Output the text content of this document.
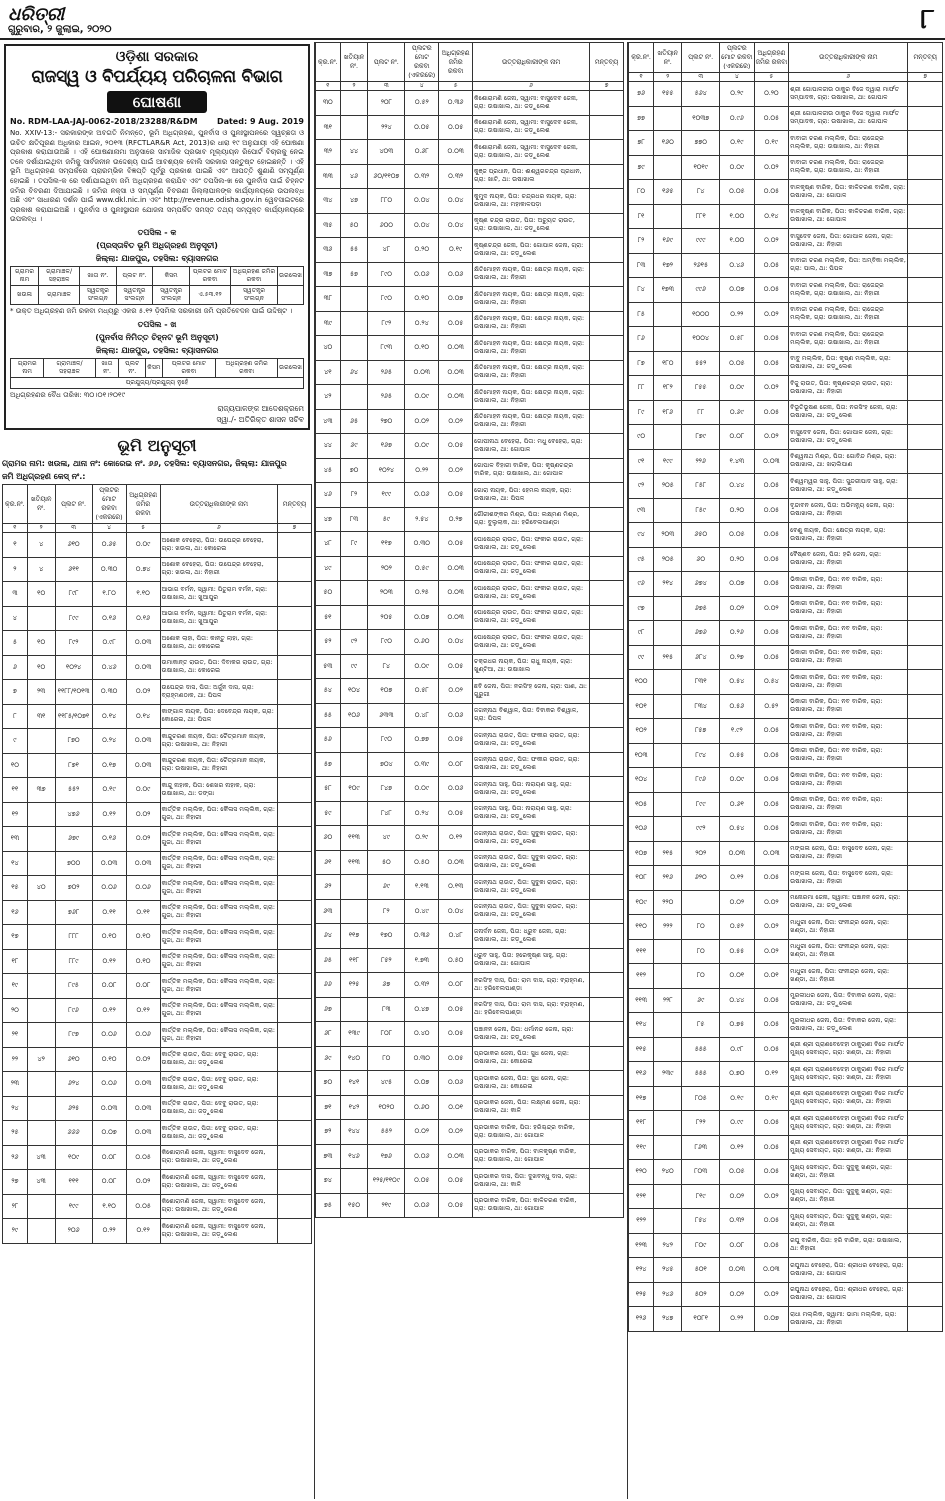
ଧରିତ୍ରୀ
ଗୁରୁବାର, ୨ ଜୁଲାଇ, ୨୦୨୦	୮
ଓଡ଼ିଶା ସରକାର
ରାଜସ୍ୱ ଓ ବିପର୍ଯ୍ୟୟ ପରିଚାଳନା ବିଭାଗ
ଘୋଷଣା
No. RDM-LAA-JAJ-0062-2018/23288/R&DM Dated: 9 Aug. 2019
No. XXIV-13:- ସରକାରଙ୍କ ଅବଗତି ନିମନ୍ତେ, ଭୂମି ଅଧିଗ୍ରହଣ, ପୁନର୍ବାସ ଓ ପୁନଃସ୍ଥାପନରେ ସ୍ୱଚ୍ଛତା ଓ ଉଚିତ କ୍ଷତିପୂରଣ ଅଧିକାର ଆଇନ, ୨୦୧୩ (RFCTLAR&R Act, 2013)ର ଧାରା ୧୯ ଅନୁଯାୟୀ ଏହି ଘୋଷଣା ପ୍ରକାଶ କରାଯାଉଅଛି । ଏହି ଘୋଷଣାନାମା ଅନୁସାରେ ସାମାଜିକ ପ୍ରଭାବ ମୂଲ୍ୟାୟନ ରିପୋର୍ଟ ବିଚାରକୁ ନେଇ ତଳେ ଦର୍ଶାଯାଇଥିବା ଜମିକୁ ସାର୍ବଜନୀନ ଉଦ୍ଦେଶ୍ୟ ପାଇଁ ଆବଶ୍ୟକ ବୋଲି ସରକାର ସନ୍ତୁଷ୍ଟ ହୋଇଛନ୍ତି । ଏହି ଭୂମି ଅଧିଗ୍ରହଣ ସମ୍ପର୍କରେ ପ୍ରାରମ୍ଭିକ ବିଜ୍ଞପ୍ତି ପୂର୍ବରୁ ପ୍ରକାଶ ପାଇଛି ଏବଂ ଆପତ୍ତି ଶୁଣାଣି ସମ୍ପୂର୍ଣ୍ଣ ହୋଇଛି । ତପସିଲ-କ ରେ ଦର୍ଶାଯାଇଥିବା ଜମି ଅଧିଗ୍ରହଣ କରାଯିବ ଏବଂ ତପସିଲ-ଖ ରେ ପୁନର୍ବାସ ପାଇଁ ଚିହ୍ନଟ ଜମିର ବିବରଣୀ ଦିଆଯାଇଛି । ଜମିର ନକ୍ସା ଓ ସମ୍ପୂର୍ଣ୍ଣ ବିବରଣୀ ଜିଲ୍ଲାପାଳଙ୍କ କାର୍ଯ୍ୟାଳୟରେ ଉପଲବ୍ଧ ଅଛି ଏବଂ ସାଧାରଣ ଦର୍ଶନ ପାଇଁ www.dkl.nic.in ଏବଂ http://revenue.odisha.gov.in ୱେବସାଇଟରେ ପ୍ରକାଶ କରାଯାଇଅଛି । ପୁନର୍ବାସ ଓ ପୁନଃସ୍ଥାପନ ଯୋଜନା ସମ୍ପର୍କିତ ସମସ୍ତ ତଥ୍ୟ ସମ୍ପୃକ୍ତ କାର୍ଯ୍ୟାଳୟରେ ଉପଲବ୍ଧ ।
ତପସିଲ - କ
(ପ୍ରସ୍ତାବିତ ଭୂମି ଅଧିଗ୍ରହଣ ଅନୁସୂଚୀ)
ଜିଲ୍ଲା: ଯାଜପୁର, ତହସିଲ: ବ୍ୟାସନଗର
ଗ୍ରାମର ନାମ	ଗ୍ରାମାଞ୍ଚଳ/ ସହରାଞ୍ଚଳ	ଖାତା ନଂ.	ପ୍ଲଟ ନଂ.	କିସମ	ପ୍ଲଟର ମୋଟ ରକବା	ଅଧିଗ୍ରହଣ ଜମିର ରକବା	ଉରଲେଖ
ଖଉଳା	ଗ୍ରାମାଞ୍ଚଳ	ସ୍ୱତନ୍ତ୍ର ସଂଲଗ୍ନ	ସ୍ୱତନ୍ତ୍ର ସଂଲଗ୍ନ	ସ୍ୱତନ୍ତ୍ର ସଂଲଗ୍ନ	ଏ.୫୩.୧୨	ସ୍ୱତନ୍ତ୍ର ସଂଲଗ୍ନ	
* ଉକ୍ତ ଅଧିଗ୍ରହଣ ଜମି ରକବା ମଧ୍ୟରୁ ଏକର ୫.୧୨ ଡ଼ିସମିଲ ସରକାରୀ ଜମି ପ୍ରତିବେଦନ ପାଇଁ ଉଦ୍ଦିଷ୍ଟ ।
ତପସିଲ - ଖ
(ପୁନର୍ବାସ ନିମିତ୍ତ ଚିହ୍ନଟ ଭୂମି ଅନୁସୂଚୀ)
ଜିଲ୍ଲା: ଯାଜପୁର, ତହସିଲ: ବ୍ୟାସନଗର
ଗ୍ରାମର ନାମ	ଗ୍ରାମାଞ୍ଚଳ/ ସହରାଞ୍ଚଳ	ଖାତା ନଂ.	ପ୍ଲଟ ନଂ.	କିସମ	ପ୍ଲଟର ମୋଟ ରକବା	ଅଧିଗ୍ରହଣ ଜମିର ରକବା	ଉରଲେଖ
ପ୍ରଯୁଜ୍ୟ/ପ୍ରଯୁଜ୍ୟ ନୁହେଁ
ଅଧିଗ୍ରହଣର ବୈଧ ତାରିଖ: ୩୦।୦୧।୨୦୧୯
ରାଜ୍ୟପାଳଙ୍କ ଆଦେଶକ୍ରମେ
ସ୍ୱା./- ଅତିରିକ୍ତ ଶାସନ ସଚିବ
ଭୂମି ଅନୁସୂଚୀ
ଗ୍ରାମର ନାମ: ଖଉଳା, ଥାନା ନଂ: କୋରେଇ ନଂ. ୬୬, ତହସିଲ: ବ୍ୟାସନଗର, ଜିଲ୍ଲା: ଯାଜପୁର
ଜମି ଅଧିଗ୍ରହଣ କେସ୍ ନଂ.:
କ୍ର.ନଂ.	ଖତିୟାନ ନଂ.	ପ୍ଲଟ ନଂ.	ପ୍ଲଟର ମୋଟ ରକବା (ଏକରରେ)	ଅଧିଗ୍ରହଣ ଜମିର ରକବା	ଉତ୍ତରାଧିକାରୀଙ୍କ ନାମ	ମନ୍ତବ୍ୟ
୧	୨	୩	୪	୫	୬	୭
୧	୪	୬୧୦	୦.୬୫	୦.୦୯	ଅଶୋକ ବେହେରା, ପିତା: ଉପେନ୍ଦ୍ର ବେହେରା, ଗ୍ରା: ଖଉଳା, ଥା: କୋରେଇ	
୨	୪	୬୧୧	୦.୩୦	୦.୭୪	ଅଶୋକ ବେହେରା, ପିତା: ଉପେନ୍ଦ୍ର ବେହେରା, ଗ୍ରା: ଖଉଳା, ଥା: ନିହାରୀ	
୩	୧୦	୮୯୮	୧.୮୦	୧.୧୦	ଆଭାଗ ବର୍ମନ, ସ୍ୱାମୀ: ପିତୁରାମ ବର୍ମନ, ଗ୍ରା: ଉଷାଖାଲ, ଥା: ଖୁଆପୁର	
୪		୮୯୯	୦.୧୬	୦.୧୬	ଆଭାଗ ବର୍ମନ, ସ୍ୱାମୀ: ପିତୁରାମ ବର୍ମନ, ଗ୍ରା: ଉଷାଖାଲ, ଥା: ଖୁଆପୁର	
୫	୧୦	୮୯୨	୦.୯୮	୦.୦୩	ଅଶୋକ ଲାହା, ପିତା: କାନ୍ତୁ ଲାହା, ଗ୍ରା: ଉଷାଖାଲ, ଥା: କୋରେଇ	
୬	୧୦	୧୦୨୪	୦.୪୬	୦.୦୩	ଉମାକାନ୍ତ ରାଉତ, ପିତା: ଦିବାକର ରାଉତ, ଗ୍ରା: ଉଷାଖାଲ, ଥା: କୋରେଇ	
୭	୨୩	୧୧୮୮/୧୦୧୩	୦.୩୦	୦.୦୨	ଉପେନ୍ଦ୍ର ଦାସ, ପିତା: ଅର୍ଜୁନ ଦାସ, ଗ୍ରା: ବ୍ରାହ୍ମଣଠାକ, ଥା: ପିପଳ	
୮	୩୧	୧୧୮୫/୧୦୭୧	୦.୧୪	୦.୧୪	କାଙ୍ଗାଳ ନାୟକ, ପିତା: ଦେବେନ୍ଦ୍ର ନାୟକ, ଗ୍ରା: କୋରେଇ, ଥା: ପିପଳ	
୯		୮୭୦	୦.୨୪	୦.୦୩	କାନ୍ଦୁଚରଣ ନାୟକ, ପିତା: ଚୈତ୍ରମାନ ନାୟକ, ଗ୍ରା: ଉଷାଖାଲ, ଥା: ନିହାରୀ	
୧୦		୮୭୧	୦.୧୭	୦.୦୩	କାନ୍ଦୁଚରଣ ନାୟକ, ପିତା: ଚୈତ୍ରମାନ ନାୟକ, ଗ୍ରା: ଉଷାଖାଲ, ଥା: ନିହାରୀ	
୧୧	୩୭	୫୫୨	୦.୧୯	୦.୦୯	କାନ୍ଦୁ ନାହାକ, ପିତା: ଶେଖର ନାହାକ, ଗ୍ରା: ଉଷାଖାଲ, ଥା: ଡଙ୍ଗା	
୧୨		୪୭୬	୦.୧୨	୦.୦୨	କାର୍ତ୍ତିକ ମଲ୍ଲିକ, ପିତା: କୈଳାସ ମଲ୍ଲିକ, ଗ୍ରା: ଗୁଜା, ଥା: ନିହାରୀ	
୧୩		୬୭୯	୦.୧୬	୦.୦୨	କାର୍ତ୍ତିକ ମଲ୍ଲିକ, ପିତା: କୈଳାସ ମଲ୍ଲିକ, ଗ୍ରା: ଗୁଜା, ଥା: ନିହାରୀ	
୧୪		୭୦୦	୦.୦୩	୦.୦୩	କାର୍ତ୍ତିକ ମଲ୍ଲିକ, ପିତା: କୈଳାସ ମଲ୍ଲିକ, ଗ୍ରା: ଗୁଜା, ଥା: ନିହାରୀ	
୧୫	୪୦	୭୦୨	୦.୦୬	୦.୦୬	କାର୍ତ୍ତିକ ମଲ୍ଲିକ, ପିତା: କୈଳାସ ମଲ୍ଲିକ, ଗ୍ରା: ଗୁଜା, ଥା: ନିହାରୀ	
୧୬		୭୬୮	୦.୧୧	୦.୧୧	କାର୍ତ୍ତିକ ମଲ୍ଲିକ, ପିତା: କୈଳାସ ମଲ୍ଲିକ, ଗ୍ରା: ଗୁଜା, ଥା: ନିହାରୀ	
୧୭		୮୮୮	୦.୧୦	୦.୧୦	କାର୍ତ୍ତିକ ମଲ୍ଲିକ, ପିତା: କୈଳାସ ମଲ୍ଲିକ, ଗ୍ରା: ଗୁଜା, ଥା: ନିହାରୀ	
୧୮		୮୮୯	୦.୧୨	୦.୧୦	କାର୍ତ୍ତିକ ମଲ୍ଲିକ, ପିତା: କୈଳାସ ମଲ୍ଲିକ, ଗ୍ରା: ଗୁଜା, ଥା: ନିହାରୀ	
୧୯		୮୯୫	୦.୦୮	୦.୦୮	କାର୍ତ୍ତିକ ମଲ୍ଲିକ, ପିତା: କୈଳାସ ମଲ୍ଲିକ, ଗ୍ରା: ଗୁଜା, ଥା: ନିହାରୀ	
୨୦		୮୯୬	୦.୧୨	୦.୧୨	କାର୍ତ୍ତିକ ମଲ୍ଲିକ, ପିତା: କୈଳାସ ମଲ୍ଲିକ, ଗ୍ରା: ଗୁଜା, ଥା: ନିହାରୀ	
୨୧		୮୯୭	୦.୦୬	୦.୦୬	କାର୍ତ୍ତିକ ମଲ୍ଲିକ, ପିତା: କୈଳାସ ମଲ୍ଲିକ, ଗ୍ରା: ଗୁଜା, ଥା: ନିହାରୀ	
୨୨	୪୨	୬୧୦	୦.୧୦	୦.୦୨	କାର୍ତ୍ତିକ ରାଉତ, ପିତା: ଦେବୁ ରାଉତ, ଗ୍ରା: ଉଷାଖାଲ, ଥା: ଜଡ଼ୁଲେଶ	
୨୩		୬୨୪	୦.୦୬	୦.୦୩	କାର୍ତ୍ତିକ ରାଉତ, ପିତା: ଦେବୁ ରାଉତ, ଗ୍ରା: ଉଷାଖାଲ, ଥା: ଜଡ଼ୁଲେଶ	
୨୪		୬୨୫	୦.୦୩	୦.୦୩	କାର୍ତ୍ତିକ ରାଉତ, ପିତା: ଦେବୁ ରାଉତ, ଗ୍ରା: ଉଷାଖାଲ, ଥା: ଜଡ଼ୁଲେଶ	
୨୫		୬୬୬	୦.୦୭	୦.୦୩	କାର୍ତ୍ତିକ ରାଉତ, ପିତା: ଦେବୁ ରାଉତ, ଗ୍ରା: ଉଷାଖାଲ, ଥା: ଜଡ଼ୁଲେଶ	
୨୬	୪୩	୧୦୯	୦.୦୮	୦.୦୫	କିଶୋରାମଣି ଜେନା, ସ୍ୱାମୀ: ବାସୁଦେବ ଜେନା, ଗ୍ରା: ଉଷାଖାଲ, ଥା: ଜଡ଼ୁଲେଶ	
୨୭	୪୩	୧୧୧	୦.୦୮	୦.୦୨	କିଶୋରାମଣି ଜେନା, ସ୍ୱାମୀ: ବାସୁଦେବ ଜେନା, ଗ୍ରା: ଉଷାଖାଲ, ଥା: ଜଡ଼ୁଲେଶ	
୨୮		୧୯୯	୧.୧୦	୦.୦୫	କିଶୋରାମଣି ଜେନା, ସ୍ୱାମୀ: ବାସୁଦେବ ଜେନା, ଗ୍ରା: ଉଷାଖାଲ, ଥା: ଜଡ଼ୁଲେଶ	
୨୯		୨୦୬	୦.୨୨	୦.୧୨	କିଶୋରାମଣି ଜେନା, ସ୍ୱାମୀ: ବାସୁଦେବ ଜେନା, ଗ୍ରା: ଉଷାଖାଲ, ଥା: ଜଡ଼ୁଲେଶ	
କ୍ର.ନଂ.	ଖତିୟାନ ନଂ.	ପ୍ଲଟ ନଂ.	ପ୍ଲଟର ମୋଟ ରକବା (ଏକରରେ)	ଅଧିଗ୍ରହଣ ଜମିର ରକବା	ଉତ୍ତରାଧିକାରୀଙ୍କ ନାମ	ମନ୍ତବ୍ୟ
୧	୨	୩	୪	୫	୬	୭
୩୦		୨୦୮	୦.୫୨	୦.୩୬	କିଶୋରାମଣି ଜେନା, ସ୍ୱାମୀ: ବାସୁଦେବ ଜେନା, ଗ୍ରା: ଉଷାଖାଲ, ଥା: ଜଡ଼ୁଲେଶ	
୩୧		୨୨୪	୦.୦୫	୦.୦୫	କିଶୋରାମଣି ଜେନା, ସ୍ୱାମୀ: ବାସୁଦେବ ଜେନା, ଗ୍ରା: ଉଷାଖାଲ, ଥା: ଜଡ଼ୁଲେଶ	
୩୨	୪୪	୪୦୩	୦.୬୮	୦.୦୩	କିଶୋରାମଣି ଜେନା, ସ୍ୱାମୀ: ବାସୁଦେବ ଜେନା, ଗ୍ରା: ଉଷାଖାଲ, ଥା: ଜଡ଼ୁଲେଶ	
୩୩	୪୬	୬୦/୧୧୦୭	୦.୩୨	୦.୩୨	କୁଞ୍ଜ ପ୍ରଧାନ, ପିତା: ଈଶ୍ୱରଚନ୍ଦ୍ର ପ୍ରଧାନ, ଗ୍ରା: ଖାଟି, ଥା: ଉଷାଖାଲ	
୩୪	୪୭	୮୮୦	୦.୦୪	୦.୦୪	କୁମୁଦ ନାୟକ, ପିତା: ଚନ୍ଦ୍ରଧର ନାୟକ, ଗ୍ରା: ଉଷାଖାଲ, ଥା: ମହାକାଳପଡ଼ା	
୩୫	୫୦	୬୦୦	୦.୦୪	୦.୦୪	କୃଷ୍ଣ ଚନ୍ଦ୍ର ରାଉତ, ପିତା: ଅଚ୍ୟୁତ ରାଉତ, ଗ୍ରା: ଉଷାଖାଲ, ଥା: ଜଡ଼ୁଲେଶ	
୩୬	୫୫	୪୮	୦.୨୦	୦.୧୯	କୃଷ୍ଣଚନ୍ଦ୍ର ଜେନା, ପିତା: ଗୋପାଳ ଜେନା, ଗ୍ରା: ଉଷାଖାଲ, ଥା: ଜଡ଼ୁଲେଶ	
୩୭	୫୭	୮୯୦	୦.୦୬	୦.୦୬	କ୍ଷିତିମୋହନ ନାୟକ, ପିତା: କ୍ଷେତ୍ର ନାୟକ, ଗ୍ରା: ଉଷାଖାଲ, ଥା: ନିହାରୀ	
୩୮		୮୯୦	୦.୧୦	୦.୦୭	କ୍ଷିତିମୋହନ ନାୟକ, ପିତା: କ୍ଷେତ୍ର ନାୟକ, ଗ୍ରା: ଉଷାଖାଲ, ଥା: ନିହାରୀ	
୩୯		୮୯୨	୦.୨୪	୦.୦୫	କ୍ଷିତିମୋହନ ନାୟକ, ପିତା: କ୍ଷେତ୍ର ନାୟକ, ଗ୍ରା: ଉଷାଖାଲ, ଥା: ନିହାରୀ	
୪୦		୮୯୩	୦.୧୦	୦.୦୩	କ୍ଷିତିମୋହନ ନାୟକ, ପିତା: କ୍ଷେତ୍ର ନାୟକ, ଗ୍ରା: ଉଷାଖାଲ, ଥା: ନିହାରୀ	
୪୧	୬୪	୨୬୫	୦.୦୩	୦.୦୩	କ୍ଷିତିମୋହନ ନାୟକ, ପିତା: କ୍ଷେତ୍ର ନାୟକ, ଗ୍ରା: ଉଷାଖାଲ, ଥା: ନିହାରୀ	
୪୨		୨୬୫	୦.୦୯	୦.୦୩	କ୍ଷିତିମୋହନ ନାୟକ, ପିତା: କ୍ଷେତ୍ର ନାୟକ, ଗ୍ରା: ଉଷାଖାଲ, ଥା: ନିହାରୀ	
୪୩	୬୫	୨୭୦	୦.୦୨	୦.୦୨	କ୍ଷିତିମୋହନ ନାୟକ, ପିତା: କ୍ଷେତ୍ର ନାୟକ, ଗ୍ରା: ଉଷାଖାଲ, ଥା: ନିହାରୀ	
୪୪	୬୯	୧୬୭	୦.୦୯	୦.୦୫	ଗୋପୀନାଥ ବେହେରା, ପିତା: ମଧୁ ବେହେରା, ଗ୍ରା: ଉଷାଖାଲ, ଥା: ଗୋପାଳ	
୪୫	୭୦	୧୦୨୪	୦.୨୨	୦.୦୨	ଗୋପାଳ ବିହାରୀ ବାରିକ, ପିତା: କୃଷ୍ଣଚନ୍ଦ୍ର ବାରିକ, ଗ୍ରା: ଉଷାଖାଲ, ଥା: ଗୋପାଳ	
୪୬	୮୨	୧୯୯	୦.୦୬	୦.୦୫	ଗୋରା ନାୟକ, ପିତା: ହେମଲ ନାୟକ, ଗ୍ରା: ଉଷାଖାଲ, ଥା: ପିପଳ	
୪୭	୮୩	୫୯	୨.୫୪	୦.୨୭	ଗୌରୀଶଙ୍କର ମିଶ୍ର, ପିତା: ଲକ୍ଷ୍ମଣ ମିଶ୍ର, ଗ୍ରା: ବୁଲୁଲାକ, ଥା: ହରିବେଲପାଣ୍ଡା	
୪୮	୮୯	୧୧୭	୦.୩୦	୦.୦୫	ଘୋଷେନ୍ଦ୍ର ରାଉତ, ପିତା: ଫକୀର ରାଉତ, ଗ୍ରା: ଉଷାଖାଲ, ଥା: ଜଡ଼ୁଲେଶ	
୪୯		୨୦୨	୦.୫୯	୦.୦୩	ଘୋଷେନ୍ଦ୍ର ରାଉତ, ପିତା: ଫକୀର ରାଉତ, ଗ୍ରା: ଉଷାଖାଲ, ଥା: ଜଡ଼ୁଲେଶ	
୫୦		୨୦୩	୦.୨୫	୦.୦୩	ଘୋଷେନ୍ଦ୍ର ରାଉତ, ପିତା: ଫକୀର ରାଉତ, ଗ୍ରା: ଉଷାଖାଲ, ଥା: ଜଡ଼ୁଲେଶ	
୫୧		୨୦୫	୦.୦୭	୦.୦୩	ଘୋଷେନ୍ଦ୍ର ରାଉତ, ପିତା: ଫକୀର ରାଉତ, ଗ୍ରା: ଉଷାଖାଲ, ଥା: ଜଡ଼ୁଲେଶ	
୫୨	୯୨	୮୯୦	୦.୬୦	୦.୦୪	ଘୋଷେନ୍ଦ୍ର ରାଉତ, ପିତା: ଫକୀର ରାଉତ, ଗ୍ରା: ଉଷାଖାଲ, ଥା: ଜଡ଼ୁଲେଶ	
୫୩	୯୯	୮୪	୦.୦୯	୦.୦୫	ଚକ୍ରଧର ନାୟକ, ପିତା: ରାଧୁ ନାୟକ, ଗ୍ରା: ଖୁଣ୍ଟିଆ, ଥା: ଉଷାଖାଲ	
୫୪	୧୦୪	୧୦୭	୦.୫୮	୦.୦୨	ଛବି ଜେନା, ପିତା: ନରସିଂହ ଜେନା, ଗ୍ରା: ପାଣ, ଥା: ଗୁରୁଗୀ	
୫୫	୧୦୬	୬୩୩	୦.୪୮	୦.୦୬	ଜଗନ୍ନାଥ ବିଶ୍ୱାଳ, ପିତା: ଦିବାକର ବିଶ୍ୱାଳ, ଗ୍ରା: ପିପଳ	
୫୬		୮୯୦	୦.୭୭	୦.୦୫	ଜଗନ୍ନାଥ ରାଉତ, ପିତା: ଫକୀର ରାଉତ, ଗ୍ରା: ଉଷାଖାଲ, ଥା: ଜଡ଼ୁଲେଶ	
୫୭		୭୦୪	୦.୩୯	୦.୦୮	ଜଗନ୍ନାଥ ରାଉତ, ପିତା: ଫକୀର ରାଉତ, ଗ୍ରା: ଉଷାଖାଲ, ଥା: ଜଡ଼ୁଲେଶ	
୫୮	୧୦୯	୮୪୭	୦.୦୯	୦.୦୬	ଜଗନ୍ନାଥ ସାହୁ, ପିତା: ନାରାୟଣ ସାହୁ, ଗ୍ରା: ଉଷାଖାଲ, ଥା: ଜଡ଼ୁଲେଶ	
୫୯		୮୪୮	୦.୨୪	୦.୦୫	ଜଗନ୍ନାଥ ସାହୁ, ପିତା: ନାରାୟଣ ସାହୁ, ଗ୍ରା: ଉଷାଖାଲ, ଥା: ଜଡ଼ୁଲେଶ	
୬୦	୧୧୩	୪୯	୦.୨୯	୦.୧୨	ଜଗନ୍ନାଥ ରାଉତ, ପିତା: ସୁଦୁକା ରାଉତ, ଗ୍ରା: ଉଷାଖାଲ, ଥା: ଜଡ଼ୁଲେଶ	
୬୧	୧୧୩	୫୦	୦.୫୦	୦.୦୩	ଜଗନ୍ନାଥ ରାଉତ, ପିତା: ସୁଦୁକା ରାଉତ, ଗ୍ରା: ଉଷାଖାଲ, ଥା: ଜଡ଼ୁଲେଶ	
୬୨		୬୯	୧.୧୩	୦.୧୩	ଜଗନ୍ନାଥ ରାଉତ, ପିତା: ସୁଦୁକା ରାଉତ, ଗ୍ରା: ଉଷାଖାଲ, ଥା: ଜଡ଼ୁଲେଶ	
୬୩		୮୨	୦.୪୯	୦.୦୪	ଜଗନ୍ନାଥ ରାଉତ, ପିତା: ସୁଦୁକା ରାଉତ, ଗ୍ରା: ଉଷାଖାଲ, ଥା: ଜଡ଼ୁଲେଶ	
୬୪	୧୧୭	୧୭୦	୦.୩୬	୦.୪୮	ଜନାର୍ଦନ ଜେନା, ପିତା: ଧ୍ରୁବ ଜେନା, ଗ୍ରା: ଉଷାଖାଲ, ଥା: ଜଡ଼ୁଲେଶ	
୬୫	୧୧୮	୮୫୨	୧.୭୩	୦.୫୦	ଧ୍ରୁବ ସାହୁ, ପିତା: ହରେକୃଷ୍ଣ ସାହୁ, ଗ୍ରା: ଉଷାଖାଲ, ଥା: ଗୋପାଳ	
୬୬	୧୨୫	୬୭	୦.୩୨	୦.୦୮	ନରସିଂହ ଦାସ, ପିତା: ରାମ ଦାସ, ଗ୍ରା: ବ୍ରାହ୍ମଣ, ଥା: ହରିବେଲପାଣ୍ଡା	
୬୭		୮୩	୦.୪୭	୦.୦୫	ନରସିଂହ ଦାସ, ପିତା: ରାମ ଦାସ, ଗ୍ରା: ବ୍ରାହ୍ମଣ, ଥା: ହରିବେଲପାଣ୍ଡା	
୬୮	୧୩୯	୮୦୮	୦.୪୦	୦.୦୫	ପଞ୍ଚାନନ ଜେନା, ପିତା: ଧର୍ମାନନ୍ଦ ଜେନା, ଗ୍ରା: ଉଷାଖାଲ, ଥା: ଜଡ଼ୁଲେଶ	
୬୯	୧୪୦	୮୦	୦.୩୦	୦.୦୫	ପ୍ରଭାକର ଜେନା, ପିତା: ସୁଧ ଜେନା, ଗ୍ରା: ଉଷାଖାଲ, ଥା: କୋରେଇ	
୭୦	୧୪୧	୪୯୫	୦.୦୭	୦.୦୬	ପ୍ରଭାକର ଜେନା, ପିତା: ସୁଧ ଜେନା, ଗ୍ରା: ଉଷାଖାଲ, ଥା: କୋରେଇ	
୭୧	୧୪୨	୧୦୨୦	୦.୬୦	୦.୦୧	ପ୍ରଭାକର ଜେନା, ପିତା: ଲକ୍ଷ୍ମଣ ଜେନା, ଗ୍ରା: ଉଷାଖାଲ, ଥା: କାଳି	
୭୨	୧୪୪	୫୫୨	୦.୦୨	୦.୦୨	ପ୍ରଭାକର ବାରିକ, ପିତା: ହରିଶ୍ଚନ୍ଦ୍ର ବାରିକ, ଗ୍ରା: ଉଷାଖାଲ, ଥା: ଗୋପାଳ	
୭୩	୧୪୬	୧୭୬	୦.୦୬	୦.୦୩	ପ୍ରଭାକର ବାରିକ, ପିତା: ବାଳକୃଷ୍ଣ ବାରିକ, ଗ୍ରା: ଉଷାଖାଲ, ଥା: ଗୋପାଳ	
୭୪		୧୨୫/୧୧୦୯	୦.୦୫	୦.୦୫	ପ୍ରଭାକର ଦାସ, ପିତା: ଦୁଖବନ୍ଧୁ ଦାସ, ଗ୍ରା: ଉଷାଖାଲ, ଥା: କାଳି	
୭୫	୧୫୦	୨୧୯	୦.୦୬	୦.୦୫	ପ୍ରଭାକର ବାରିକ, ପିତା: କାଳିଚରଣ ବାରିକ, ଗ୍ରା: ଉଷାଖାଲ, ଥା: ଗୋପାଳ	
କ୍ର.ନଂ.	ଖତିୟାନ ନଂ.	ପ୍ଲଟ ନଂ.	ପ୍ଲଟର ମୋଟ ରକବା (ଏକରରେ)	ଅଧିଗ୍ରହଣ ଜମିର ରକବା	ଉତ୍ତରାଧିକାରୀଙ୍କ ନାମ	ମନ୍ତବ୍ୟ
୧	୨	୩	୪	୫	୬	୭
୭୬	୧୫୫	୫୬୪	୦.୨୯	୦.୨୦	ଶ୍ରୀ ଗୋପାଳଜୀଉ ଠାକୁର ବିଜେ ଦ୍ୱାରା ମାର୍ଫତ ସମ୍ପାଦକ, ଗ୍ରା: ଉଷାଖାଲ, ଥା: ଗୋପାଳ	
୭୭		୧୦୩୭	୦.୯୬	୦.୦୫	ଶ୍ରୀ ଗୋପାଳଜୀଉ ଠାକୁର ବିଜେ ଦ୍ୱାରା ମାର୍ଫତ ସମ୍ପାଦକ, ଗ୍ରା: ଉଷାଖାଲ, ଥା: ଗୋପାଳ	
୭୮	୧୬୦	୭୭୦	୦.୧୯	୦.୧୯	ବାବାଜୀ ଚରଣ ମଲ୍ଲିକ, ପିତା: ରାଜେନ୍ଦ୍ର ମଲ୍ଲିକ, ଗ୍ରା: ଉଷାଖାଲ, ଥା: ନିହାରୀ	
୭୯		୧୦୧୯	୦.୦୯	୦.୦୨	ବାବାଜୀ ଚରଣ ମଲ୍ଲିକ, ପିତା: ରାଜେନ୍ଦ୍ର ମଲ୍ଲିକ, ଗ୍ରା: ଉଷାଖାଲ, ଥା: ନିହାରୀ	
୮୦	୧୬୫	୮୪	୦.୦୫	୦.୦୫	ବାଳକୃଷ୍ଣ ବାରିକ, ପିତା: କାଳିଚରଣ ବାରିକ, ଗ୍ରା: ଉଷାଖାଲ, ଥା: ଗୋପାଳ	
୮୧		୮୮୧	୧.୦୦	୦.୧୪	ବାଳକୃଷ୍ଣ ବାରିକ, ପିତା: କାଳିଚରଣ ବାରିକ, ଗ୍ରା: ଉଷାଖାଲ, ଥା: ଗୋପାଳ	
୮୨	୧୬୯	୯୯୯	୧.୦୦	୦.୦୨	ବାସୁଦେବ ଜେନା, ପିତା: ଗୋପାଳ ଜେନା, ଗ୍ରା: ଉଷାଖାଲ, ଥା: ନିହାରୀ	
୮୩	୧୭୨	୨୬୧୫	୦.୪୬	୦.୦୫	ବାବାଜୀ ଚରଣ ମଲ୍ଲିକ, ପିତା: ଅମ୍ବିକା ମଲ୍ଲିକ, ଗ୍ରା: ପାଲ, ଥା: ପିପଳ	
୮୪	୧୭୩	୯୯୬	୦.୦୭	୦.୦୫	ବାବାଜୀ ଚରଣ ମଲ୍ଲିକ, ପିତା: ରାଜେନ୍ଦ୍ର ମଲ୍ଲିକ, ଗ୍ରା: ଉଷାଖାଲ, ଥା: ନିହାରୀ	
୮୫		୧୦୦୦	୦.୨୨	୦.୦୨	ବାବାଜୀ ଚରଣ ମଲ୍ଲିକ, ପିତା: ରାଜେନ୍ଦ୍ର ମଲ୍ଲିକ, ଗ୍ରା: ଉଷାଖାଲ, ଥା: ନିହାରୀ	
୮୬		୧୦୦୪	୦.୫୮	୦.୦୫	ବାବାଜୀ ଚରଣ ମଲ୍ଲିକ, ପିତା: ରାଜେନ୍ଦ୍ର ମଲ୍ଲିକ, ଗ୍ରା: ଉଷାଖାଲ, ଥା: ନିହାରୀ	
୮୭	୧୮୦	୫୫୨	୦.୦୫	୦.୦୫	ବାବୁ ମଲ୍ଲିକ, ପିତା: କୃଷ୍ଣ ମଲ୍ଲିକ, ଗ୍ରା: ଉଷାଖାଲ, ଥା: ଜଡ଼ୁଲେଶ	
୮୮	୧୮୨	୮୫୫	୦.୦୯	୦.୦୨	ବିଜୁ ରାଉତ, ପିତା: କୃଷ୍ଣଚନ୍ଦ୍ର ରାଉତ, ଗ୍ରା: ଉଷାଖାଲ, ଥା: ନିହାରୀ	
୮୯	୧୮୬	୮୮	୦.୬୯	୦.୦୫	ବିଭୂତିଭୂଷଣ ଜେନା, ପିତା: ନରସିଂହ ଜେନା, ଗ୍ରା: ଉଷାଖାଲ, ଥା: ଜଡ଼ୁଲେଶ	
୯୦		୮୭୯	୦.୦୮	୦.୦୨	ବାସୁଦେବ ଜେନା, ପିତା: ଗୋପାଳ ଜେନା, ଗ୍ରା: ଉଷାଖାଲ, ଥା: ଜଡ଼ୁଲେଶ	
୯୧	୧୯୯	୨୨୬	୧.୪୩	୦.୦୩	ବିଶ୍ୱନାଥ ମିଶ୍ର, ପିତା: ଗୋବିନ୍ଦ ମିଶ୍ର, ଗ୍ରା: ଉଷାଖାଲ, ଥା: ଖରାଲିପାଣ	
୯୨	୨୦୫	୮୫୮	୦.୪୪	୦.୦୫	ବିଶ୍ୱମ୍ୱର ସାହୁ, ପିତା: ସୁନ୍ଦରୀପାଦ ସାହୁ, ଗ୍ରା: ଉଷାଖାଲ, ଥା: ଜଡ଼ୁଲେଶ	
୯୩		୮୫୯	୦.୨୦	୦.୦୫	ବୃନ୍ଦାବନ ଜେନା, ପିତା: ଅଭିମନ୍ୟୁ ଜେନା, ଗ୍ରା: ଉଷାଖାଲ, ଥା: ନିହାରୀ	
୯୪	୨୦୩	୬୫୦	୦.୦୫	୦.୦୫	ବେଣୁ ନାୟକ, ପିତା: କ୍ଷେତ୍ର ନାୟକ, ଗ୍ରା: ଉଷାଖାଲ, ଥା: ନିହାରୀ	
୯୫	୨୦୫	୬୦	୦.୨୦	୦.୦୫	ବୈଷ୍ଣବ ଜେନା, ପିତା: ହରି ଜେନା, ଗ୍ରା: ଉଷାଖାଲ, ଥା: ନିହାରୀ	
୯୬	୨୧୪	୬୭୪	୦.୦୭	୦.୦୫	ଭିକାରୀ ବାରିକ, ପିତା: ନବ ବାରିକ, ଗ୍ରା: ଉଷାଖାଲ, ଥା: ନିହାରୀ	
୯୭		୬୭୫	୦.୦୨	୦.୦୨	ଭିକାରୀ ବାରିକ, ପିତା: ନବ ବାରିକ, ଗ୍ରା: ଉଷାଖାଲ, ଥା: ନିହାରୀ	
୯୮		୬୭୬	୦.୨୬	୦.୦୫	ଭିକାରୀ ବାରିକ, ପିତା: ନବ ବାରିକ, ଗ୍ରା: ଉଷାଖାଲ, ଥା: ନିହାରୀ	
୯୯	୨୧୫	୬୮୪	୦.୨୭	୦.୦୫	ଭିକାରୀ ବାରିକ, ପିତା: ନବ ବାରିକ, ଗ୍ରା: ଉଷାଖାଲ, ଥା: ନିହାରୀ	
୧୦୦		୮୩୧	୦.୫୪	୦.୫୪	ଭିକାରୀ ବାରିକ, ପିତା: ନବ ବାରିକ, ଗ୍ରା: ଉଷାଖାଲ, ଥା: ନିହାରୀ	
୧୦୧		୮୩୪	୦.୫୬	୦.୫୨	ଭିକାରୀ ବାରିକ, ପିତା: ନବ ବାରିକ, ଗ୍ରା: ଉଷାଖାଲ, ଥା: ନିହାରୀ	
୧୦୨		୮୫୭	୧.୯୨	୦.୦୫	ଭିକାରୀ ବାରିକ, ପିତା: ନବ ବାରିକ, ଗ୍ରା: ଉଷାଖାଲ, ଥା: ନିହାରୀ	
୧୦୩		୮୯୪	୦.୫୫	୦.୦୫	ଭିକାରୀ ବାରିକ, ପିତା: ନବ ବାରିକ, ଗ୍ରା: ଉଷାଖାଲ, ଥା: ନିହାରୀ	
୧୦୪		୮୯୬	୦.୦୯	୦.୦୫	ଭିକାରୀ ବାରିକ, ପିତା: ନବ ବାରିକ, ଗ୍ରା: ଉଷାଖାଲ, ଥା: ନିହାରୀ	
୧୦୫		୮୯୯	୦.୬୧	୦.୦୫	ଭିକାରୀ ବାରିକ, ପିତା: ନବ ବାରିକ, ଗ୍ରା: ଉଷାଖାଲ, ଥା: ନିହାରୀ	
୧୦୬		୯୯୨	୦.୫୪	୦.୦୫	ଭିକାରୀ ବାରିକ, ପିତା: ନବ ବାରିକ, ଗ୍ରା: ଉଷାଖାଲ, ଥା: ନିହାରୀ	
୧୦୭	୨୧୫	୨୦୨	୦.୦୩	୦.୦୩	ମଙ୍ଗଳା ଜେନା, ପିତା: ବାସୁଦେବ ଜେନା, ଗ୍ରା: ଉଷାଖାଲ, ଥା: ନିହାରୀ	
୧୦୮	୨୧୬	୬୨୦	୦.୧୨	୦.୦୫	ମଙ୍ଗଳା ଜେନା, ପିତା: ବାସୁଦେବ ଜେନା, ଗ୍ରା: ଉଷାଖାଲ, ଥା: ନିହାରୀ	
୧୦୯	୨୨୦		୦.୦୨	୦.୦୨	ମନୋରମା ଜେନା, ସ୍ୱାମୀ: ପଞ୍ଚାନନ ଜେନା, ଗ୍ରା: ଉଷାଖାଲ, ଥା: ଜଡ଼ୁଲେଶ	
୧୧୦	୨୨୨	୮୦	୦.୫୨	୦.୦୨	ମାଧୁରୀ ଜେନା, ପିତା: ଫନୀନ୍ଦ୍ର ଜେନା, ଗ୍ରା: ଖଣ୍ଡା, ଥା: ନିହାରୀ	
୧୧୧		୮୦	୦.୫୫	୦.୦୨	ମାଧୁରୀ ଜେନା, ପିତା: ଫନୀନ୍ଦ୍ର ଜେନା, ଗ୍ରା: ଖଣ୍ଡା, ଥା: ନିହାରୀ	
୧୧୨		୮୦	୦.୦୧	୦.୦୧	ମାଧୁରୀ ଜେନା, ପିତା: ଫନୀନ୍ଦ୍ର ଜେନା, ଗ୍ରା: ଖଣ୍ଡା, ଥା: ନିହାରୀ	
୧୧୩	୨୨୮	୬୯	୦.୪୪	୦.୦୫	ମୁରଲୀଧର ଜେନା, ପିତା: ଦିବାକର ଜେନା, ଗ୍ରା: ଉଷାଖାଲ, ଥା: ଜଡ଼ୁଲେଶ	
୧୧୪		୮୫	୦.୭୫	୦.୦୫	ମୁରଲୀଧର ଜେନା, ପିତା: ଦିବାକର ଜେନା, ଗ୍ରା: ଉଷାଖାଲ, ଥା: ଜଡ଼ୁଲେଶ	
୧୧୫		୫୫୫	୦.୯୮	୦.୦୫	ଶ୍ରୀ ଶ୍ରୀ ପ୍ରାଣବେଦେହୀ ଠାକୁରାଣୀ ବିଜେ ମାର୍ଫତ ମୁଖ୍ୟ ସେବାୟତ, ଗ୍ରା: ଖଣ୍ଡା, ଥା: ନିହାରୀ	
୧୧୬	୨୩୯	୫୫୫	୦.୭୦	୦.୧୨	ଶ୍ରୀ ଶ୍ରୀ ପ୍ରାଣବେଦେହୀ ଠାକୁରାଣୀ ବିଜେ ମାର୍ଫତ ମୁଖ୍ୟ ସେବାୟତ, ଗ୍ରା: ଖଣ୍ଡା, ଥା: ନିହାରୀ	
୧୧୭		୮୦୫	୦.୧୯	୦.୧୯	ଶ୍ରୀ ଶ୍ରୀ ପ୍ରାଣବେଦେହୀ ଠାକୁରାଣୀ ବିଜେ ମାର୍ଫତ ମୁଖ୍ୟ ସେବାୟତ, ଗ୍ରା: ଖଣ୍ଡା, ଥା: ନିହାରୀ	
୧୧୮		୮୨୨	୦.୯୯	୦.୦୫	ଶ୍ରୀ ଶ୍ରୀ ପ୍ରାଣବେଦେହୀ ଠାକୁରାଣୀ ବିଜେ ମାର୍ଫତ ମୁଖ୍ୟ ସେବାୟତ, ଗ୍ରା: ଖଣ୍ଡା, ଥା: ନିହାରୀ	
୧୧୯		୮୬୩	୦.୧୨	୦.୦୫	ଶ୍ରୀ ଶ୍ରୀ ପ୍ରାଣବେଦେହୀ ଠାକୁରାଣୀ ବିଜେ ମାର୍ଫତ ମୁଖ୍ୟ ସେବାୟତ, ଗ୍ରା: ଖଣ୍ଡା, ଥା: ନିହାରୀ	
୧୨୦	୨୪୦	୮୦୩	୦.୦୫	୦.୦୫	ମୁଖ୍ୟ ସେବାୟତ, ପିତା: ସୁଦୁକୁ ଖଣ୍ଡା, ଗ୍ରା: ଖଣ୍ଡା, ଥା: ନିହାରୀ	
୧୨୧		୮୧୯	୦.୦୨	୦.୦୨	ମୁଖ୍ୟ ସେବାୟତ, ପିତା: ସୁଦୁକୁ ଖଣ୍ଡା, ଗ୍ରା: ଖଣ୍ଡା, ଥା: ନିହାରୀ	
୧୨୨		୮୫୪	୦.୩୨	୦.୦୫	ମୁଖ୍ୟ ସେବାୟତ, ପିତା: ସୁଦୁକୁ ଖଣ୍ଡା, ଗ୍ରା: ଖଣ୍ଡା, ଥା: ନିହାରୀ	
୧୨୩	୨୪୨	୮୦୯	୦.୦୮	୦.୦୫	ରଘୁ ବାରିକ, ପିତା: ହରି ବାରିକ, ଗ୍ରା: ଉଷାଖାଲ, ଥା: ନିହାରୀ	
୧୨୪	୨୪୫	୫୦୧	୦.୦୩	୦.୦୩	ରଘୁନାଥ ବେହେରା, ପିତା: ଶ୍ରୀଧର ବେହେରା, ଗ୍ରା: ଉଷାଖାଲ, ଥା: ଗୋପାଳ	
୧୨୫	୨୪୬	୫୦୨	୦.୦୨	୦.୦୨	ରଘୁନାଥ ବେହେରା, ପିତା: ଶ୍ରୀଧର ବେହେରା, ଗ୍ରା: ଉଷାଖାଲ, ଥା: ଗୋପାଳ	
୧୨୬	୨୪୭	୧୦୮୧	୦.୨୨	୦.୦୭	ରାଧା ମଲ୍ଲିକ, ସ୍ୱାମୀ: ଭାମା ମଲ୍ଲିକ, ଗ୍ରା: ଉଷାଖାଲ, ଥା: ନିହାରୀ	
